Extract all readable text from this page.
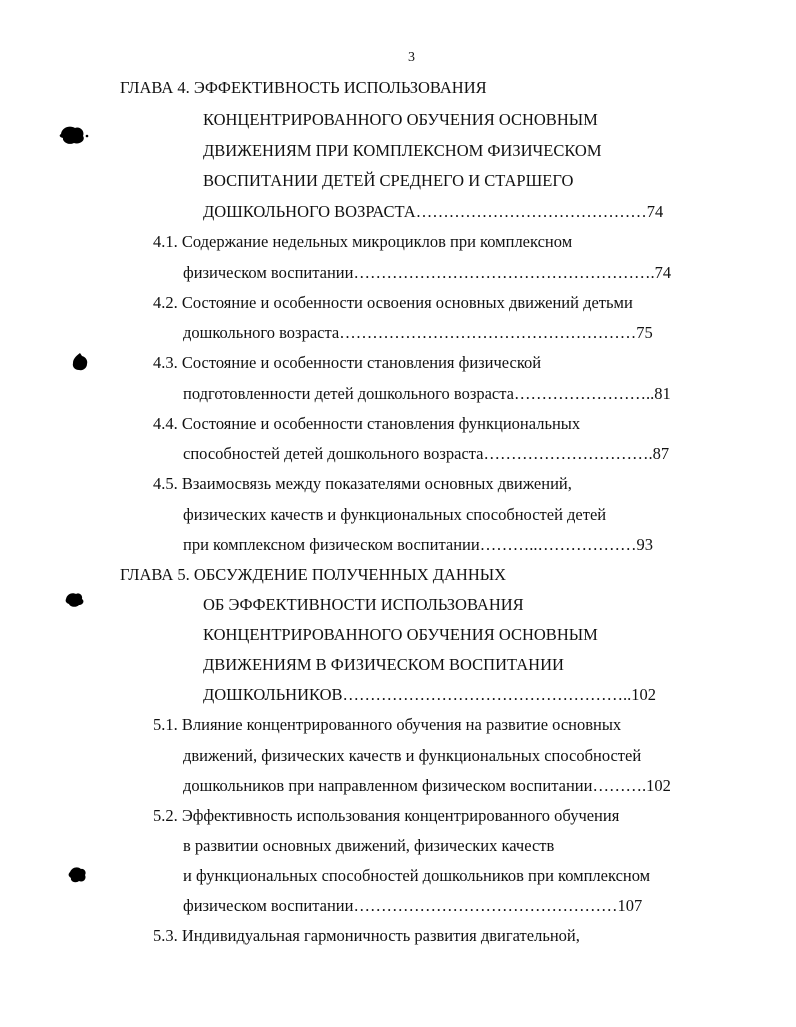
3

ГЛАВА 4. ЭФФЕКТИВНОСТЬ ИСПОЛЬЗОВАНИЯ

КОНЦЕНТРИРОВАННОГО ОБУЧЕНИЯ ОСНОВНЫМ

ДВИЖЕНИЯМ ПРИ КОМПЛЕКСНОМ ФИЗИЧЕСКОМ

ВОСПИТАНИИ ДЕТЕЙ СРЕДНЕГО И СТАРШЕГО

ДОШКОЛЬНОГО ВОЗРАСТА……………………………………74

4.1. Содержание недельных микроциклов при комплексном

физическом воспитании……………………………………………….74

4.2. Состояние и особенности освоения основных движений детьми

дошкольного возраста………………………………………………75

4.3. Состояние и особенности становления физической

подготовленности детей дошкольного возраста……………………..81

4.4. Состояние и особенности становления функциональных

способностей детей дошкольного возраста………………………….87

4.5. Взаимосвязь между показателями основных движений,

физических качеств и функциональных способностей детей

при комплексном физическом воспитании………..………………93

ГЛАВА 5. ОБСУЖДЕНИЕ ПОЛУЧЕННЫХ ДАННЫХ

ОБ ЭФФЕКТИВНОСТИ ИСПОЛЬЗОВАНИЯ

КОНЦЕНТРИРОВАННОГО ОБУЧЕНИЯ ОСНОВНЫМ

ДВИЖЕНИЯМ В ФИЗИЧЕСКОМ ВОСПИТАНИИ

ДОШКОЛЬНИКОВ……………………………………………..102

5.1. Влияние концентрированного обучения на развитие основных

движений, физических качеств и функциональных способностей

дошкольников при направленном физическом воспитании……….102

5.2. Эффективность использования концентрированного обучения

в развитии основных движений, физических качеств

и функциональных способностей дошкольников при комплексном

физическом воспитании…………………………………………107

5.3. Индивидуальная гармоничность развития двигательной,
